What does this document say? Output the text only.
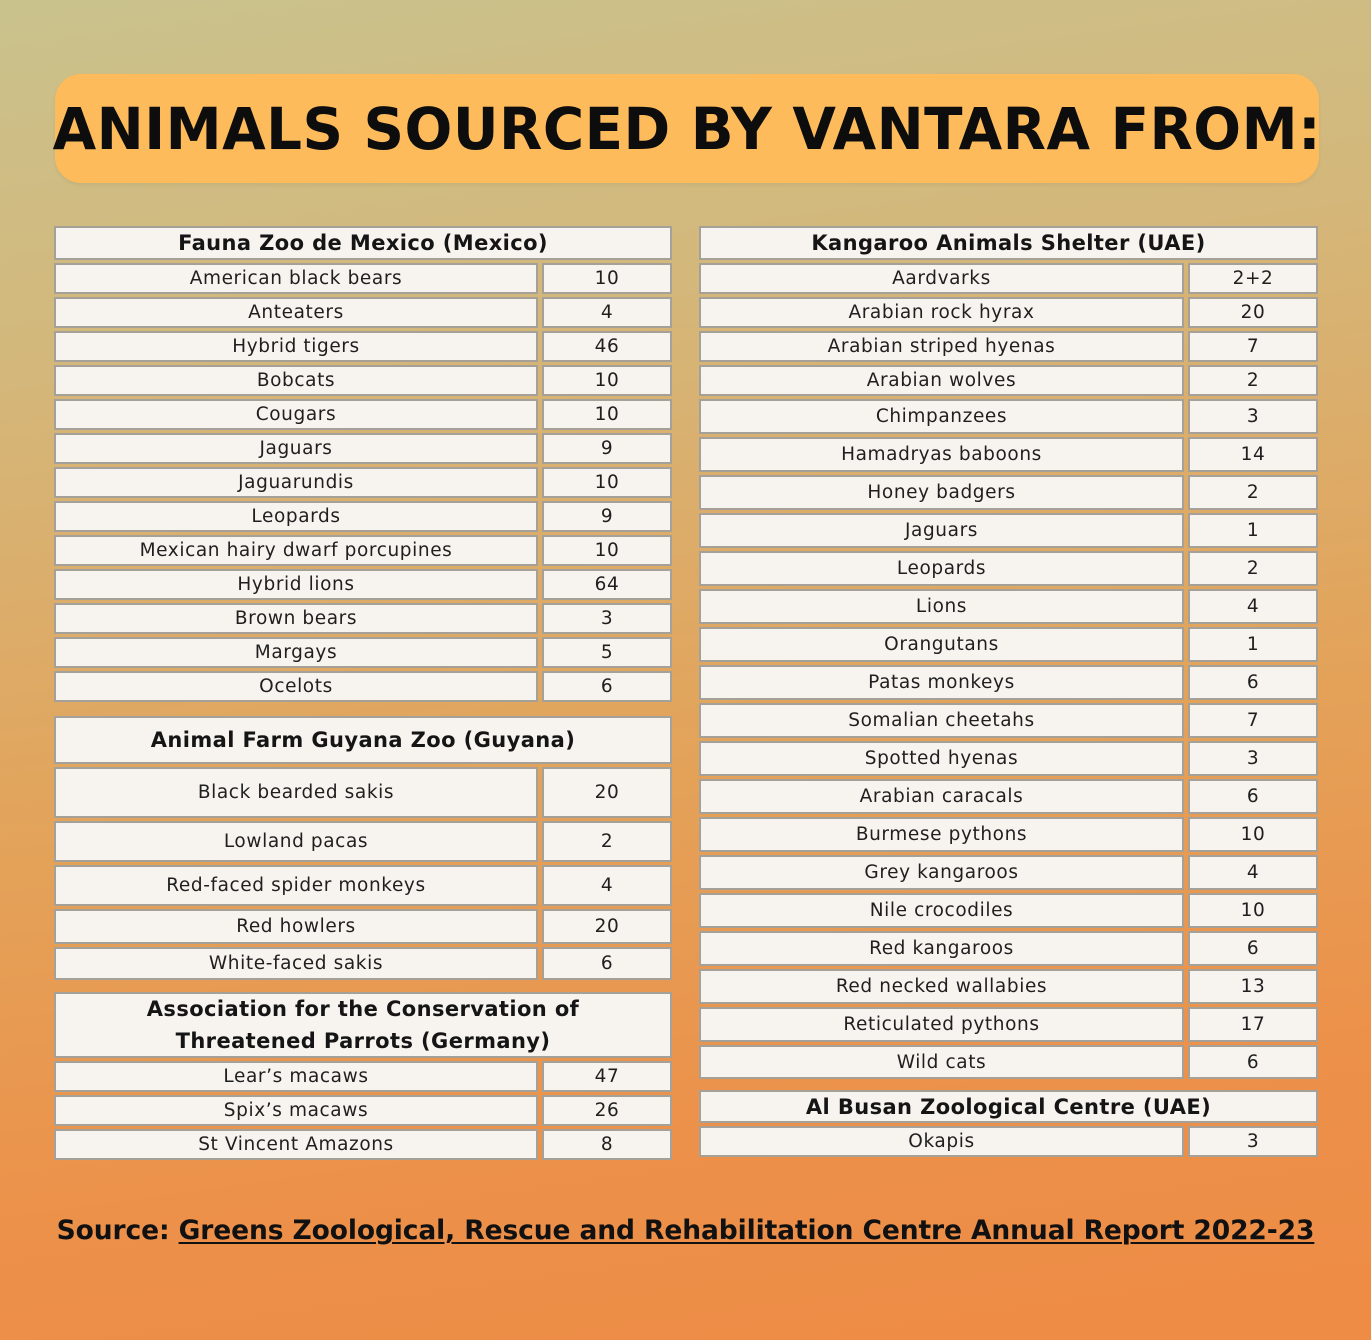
ANIMALS SOURCED BY VANTARA FROM:
Fauna Zoo de Mexico (Mexico)
American black bears	10
Anteaters	4
Hybrid tigers	46
Bobcats	10
Cougars	10
Jaguars	9
Jaguarundis	10
Leopards	9
Mexican hairy dwarf porcupines	10
Hybrid lions	64
Brown bears	3
Margays	5
Ocelots	6
Animal Farm Guyana Zoo (Guyana)
Black bearded sakis	20
Lowland pacas	2
Red-faced spider monkeys	4
Red howlers	20
White-faced sakis	6
Association for the Conservation of Threatened Parrots (Germany)
Lear’s macaws	47
Spix’s macaws	26
St Vincent Amazons	8
Kangaroo Animals Shelter (UAE)
Aardvarks	2+2
Arabian rock hyrax	20
Arabian striped hyenas	7
Arabian wolves	2
Chimpanzees	3
Hamadryas baboons	14
Honey badgers	2
Jaguars	1
Leopards	2
Lions	4
Orangutans	1
Patas monkeys	6
Somalian cheetahs	7
Spotted hyenas	3
Arabian caracals	6
Burmese pythons	10
Grey kangaroos	4
Nile crocodiles	10
Red kangaroos	6
Red necked wallabies	13
Reticulated pythons	17
Wild cats	6
Al Busan Zoological Centre (UAE)
Okapis	3
Source: Greens Zoological, Rescue and Rehabilitation Centre Annual Report 2022-23
